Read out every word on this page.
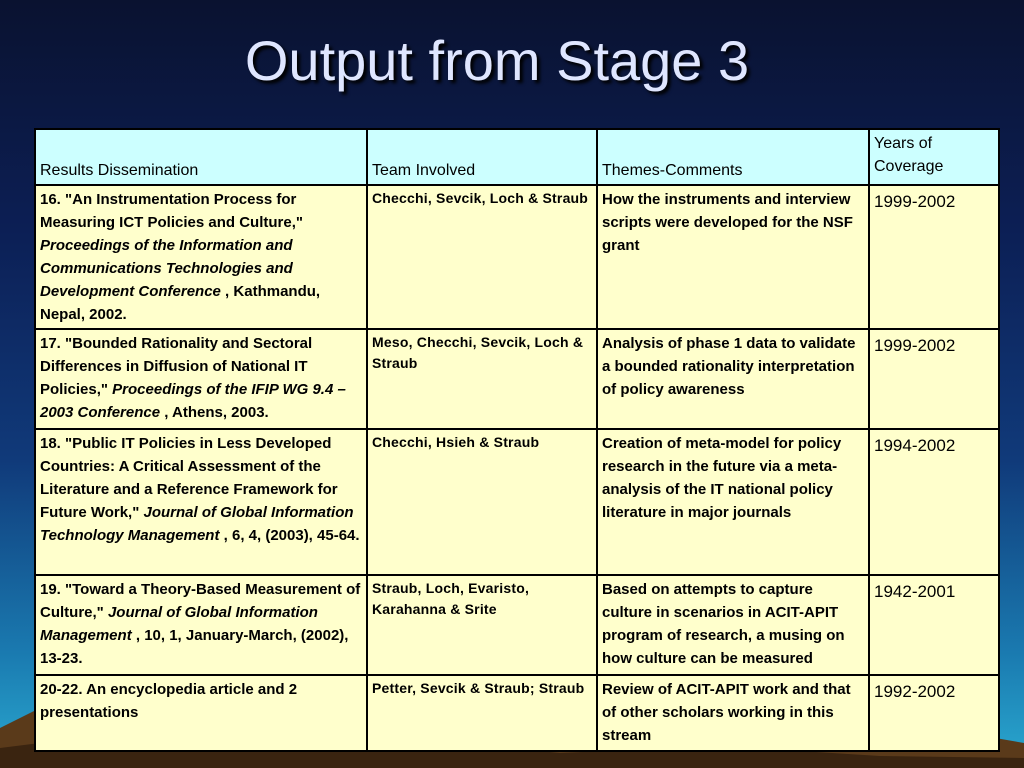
Output from Stage 3
Results Dissemination	Team Involved	Themes-Comments	Years of Coverage
16. "An Instrumentation Process for Measuring ICT Policies and Culture," Proceedings of the Information and Communications Technologies and Development Conference , Kathmandu, Nepal, 2002.	Checchi, Sevcik, Loch & Straub	How the instruments and interview scripts were developed for the NSF grant	1999-2002
17. "Bounded Rationality and Sectoral Differences in Diffusion of National IT Policies," Proceedings of the IFIP WG 9.4 – 2003 Conference , Athens, 2003.	Meso, Checchi, Sevcik, Loch & Straub	Analysis of phase 1 data to validate a bounded rationality interpretation of policy awareness	1999-2002
18. "Public IT Policies in Less Developed Countries: A Critical Assessment of the Literature and a Reference Framework for Future Work," Journal of Global Information Technology Management , 6, 4, (2003), 45-64.	Checchi, Hsieh & Straub	Creation of meta-model for policy research in the future via a meta-analysis of the IT national policy literature in major journals	1994-2002
19. "Toward a Theory-Based Measurement of Culture," Journal of Global Information Management , 10, 1, January-March, (2002), 13-23.	Straub, Loch, Evaristo, Karahanna & Srite	Based on attempts to capture culture in scenarios in ACIT-APIT program of research, a musing on how culture can be measured	1942-2001
20-22. An encyclopedia article and 2 presentations	Petter, Sevcik & Straub; Straub	Review of ACIT-APIT work and that of other scholars working in this stream	1992-2002
